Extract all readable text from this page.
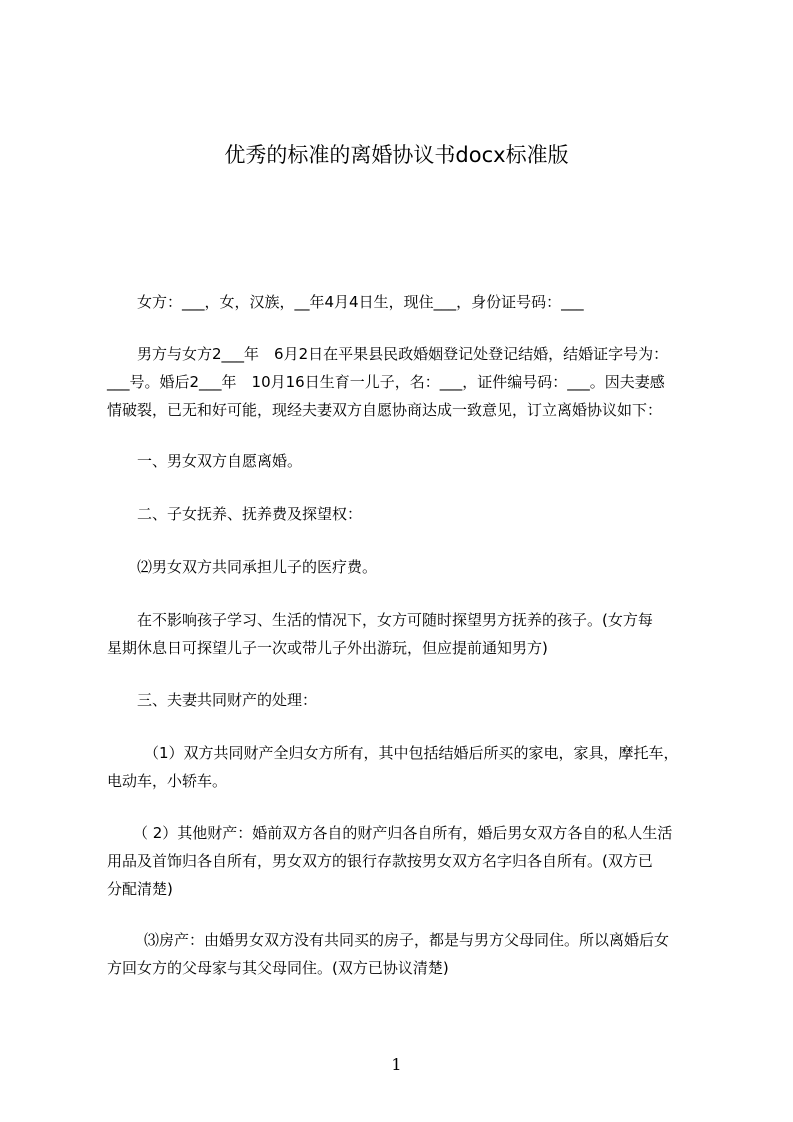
优秀的标准的离婚协议书docx标准版
女方：___，女，汉族，__年4月4日生，现住___，身份证号码：___
男方与女方2___年　6月2日在平果县民政婚姻登记处登记结婚，结婚证字号为：
___号。婚后2___年　10月16日生育一儿子，名：___，证件编号码：___。因夫妻感
情破裂，已无和好可能，现经夫妻双方自愿协商达成一致意见，订立离婚协议如下：
一、男女双方自愿离婚。
二、子女抚养、抚养费及探望权：
⑵男女双方共同承担儿子的医疗费。
在不影响孩子学习、生活的情况下，女方可随时探望男方抚养的孩子。(女方每
星期休息日可探望儿子一次或带儿子外出游玩，但应提前通知男方)
三、夫妻共同财产的处理：
（1）双方共同财产全归女方所有，其中包括结婚后所买的家电，家具，摩托车，
电动车，小轿车。
（ 2）其他财产：婚前双方各自的财产归各自所有，婚后男女双方各自的私人生活
用品及首饰归各自所有，男女双方的银行存款按男女双方名字归各自所有。(双方已
分配清楚)
⑶房产：由婚男女双方没有共同买的房子，都是与男方父母同住。所以离婚后女
方回女方的父母家与其父母同住。(双方已协议清楚)
1
